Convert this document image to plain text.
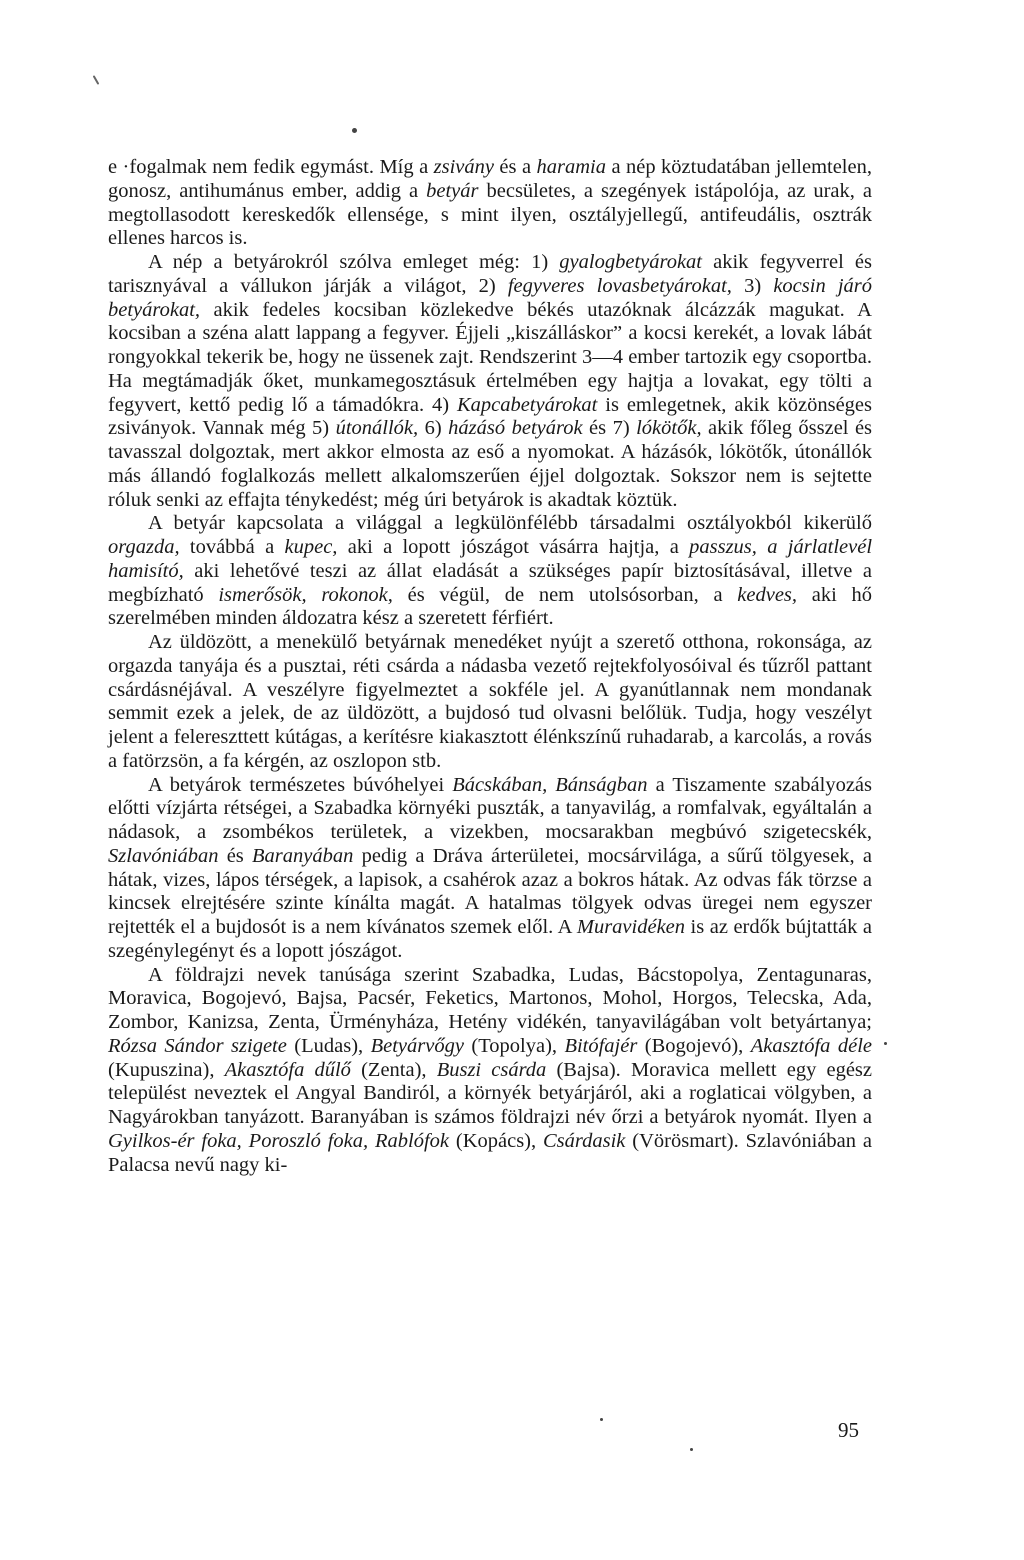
e ·fogalmak nem fedik egymást. Míg a zsivány és a haramia a nép köztudatában jellemtelen, gonosz, antihumánus ember, addig a betyár becsületes, a szegények istápolója, az urak, a megtollasodott kereskedők ellensége, s mint ilyen, osztályjellegű, antifeudális, osztrák ellenes harcos is.

A nép a betyárokról szólva emleget még: 1) gyalogbetyárokat akik fegyverrel és tarisznyával a vállukon járják a világot, 2) fegyveres lovasbetyárokat, 3) kocsin járó betyárokat, akik fedeles kocsiban közlekedve békés utazóknak álcázzák magukat. A kocsiban a széna alatt lappang a fegyver. Éjjeli „kiszálláskor” a kocsi kerekét, a lovak lábát rongyokkal tekerik be, hogy ne üssenek zajt. Rendszerint 3—4 ember tartozik egy csoportba. Ha megtámadják őket, munkamegosztásuk értelmében egy hajtja a lovakat, egy tölti a fegyvert, kettő pedig lő a támadókra. 4) Kapcabetyárokat is emlegetnek, akik közönséges zsiványok. Vannak még 5) útonállók, 6) házásó betyárok és 7) lókötők, akik főleg ősszel és tavasszal dolgoztak, mert akkor elmosta az eső a nyomokat. A házásók, lókötők, útonállók más állandó foglalkozás mellett alkalomszerűen éjjel dolgoztak. Sokszor nem is sejtette róluk senki az effajta ténykedést; még úri betyárok is akadtak köztük.

A betyár kapcsolata a világgal a legkülönfélébb társadalmi osztályokból kikerülő orgazda, továbbá a kupec, aki a lopott jószágot vásárra hajtja, a passzus, a járlatlevél hamisító, aki lehetővé teszi az állat eladását a szükséges papír biztosításával, illetve a megbízható ismerősök, rokonok, és végül, de nem utolsósorban, a kedves, aki hő szerelmében minden áldozatra kész a szeretett férfiért.

Az üldözött, a menekülő betyárnak menedéket nyújt a szerető otthona, rokonsága, az orgazda tanyája és a pusztai, réti csárda a nádasba vezető rejtekfolyosóival és tűzről pattant csárdásnéjával. A veszélyre figyelmeztet a sokféle jel. A gyanútlannak nem mondanak semmit ezek a jelek, de az üldözött, a bujdosó tud olvasni belőlük. Tudja, hogy veszélyt jelent a felereszttett kútágas, a kerítésre kiakasztott élénkszínű ruhadarab, a karcolás, a rovás a fatörzsön, a fa kérgén, az oszlopon stb.

A betyárok természetes búvóhelyei Bácskában, Bánságban a Tiszamente szabályozás előtti vízjárta rétségei, a Szabadka környéki puszták, a tanyavilág, a romfalvak, egyáltalán a nádasok, a zsombékos területek, a vizekben, mocsarakban megbúvó szigetecskék, Szlavóniában és Baranyában pedig a Dráva árterületei, mocsárvilága, a sűrű tölgyesek, a hátak, vizes, lápos térségek, a lapisok, a csahérok azaz a bokros hátak. Az odvas fák törzse a kincsek elrejtésére szinte kínálta magát. A hatalmas tölgyek odvas üregei nem egyszer rejtették el a bujdosót is a nem kívánatos szemek elől. A Muravidéken is az erdők bújtatták a szegénylegényt és a lopott jószágot.

A földrajzi nevek tanúsága szerint Szabadka, Ludas, Bácstopolya, Zentagunaras, Moravica, Bogojevó, Bajsa, Pacsér, Feketics, Martonos, Mohol, Horgos, Telecska, Ada, Zombor, Kanizsa, Zenta, Ürményháza, Hetény vidékén, tanyavilágában volt betyártanya; Rózsa Sándor szigete (Ludas), Betyárvőgy (Topolya), Bitófajér (Bogojevó), Akasztófa déle (Kupuszina), Akasztófa dűlő (Zenta), Buszi csárda (Bajsa). Moravica mellett egy egész települést neveztek el Angyal Bandiról, a környék betyárjáról, aki a roglaticai völgyben, a Nagyárokban tanyázott. Baranyában is számos földrajzi név őrzi a betyárok nyomát. Ilyen a Gyilkos-ér foka, Poroszló foka, Rablófok (Kopács), Csárdasik (Vörösmart). Szlavóniában a Palacsa nevű nagy ki-

95
